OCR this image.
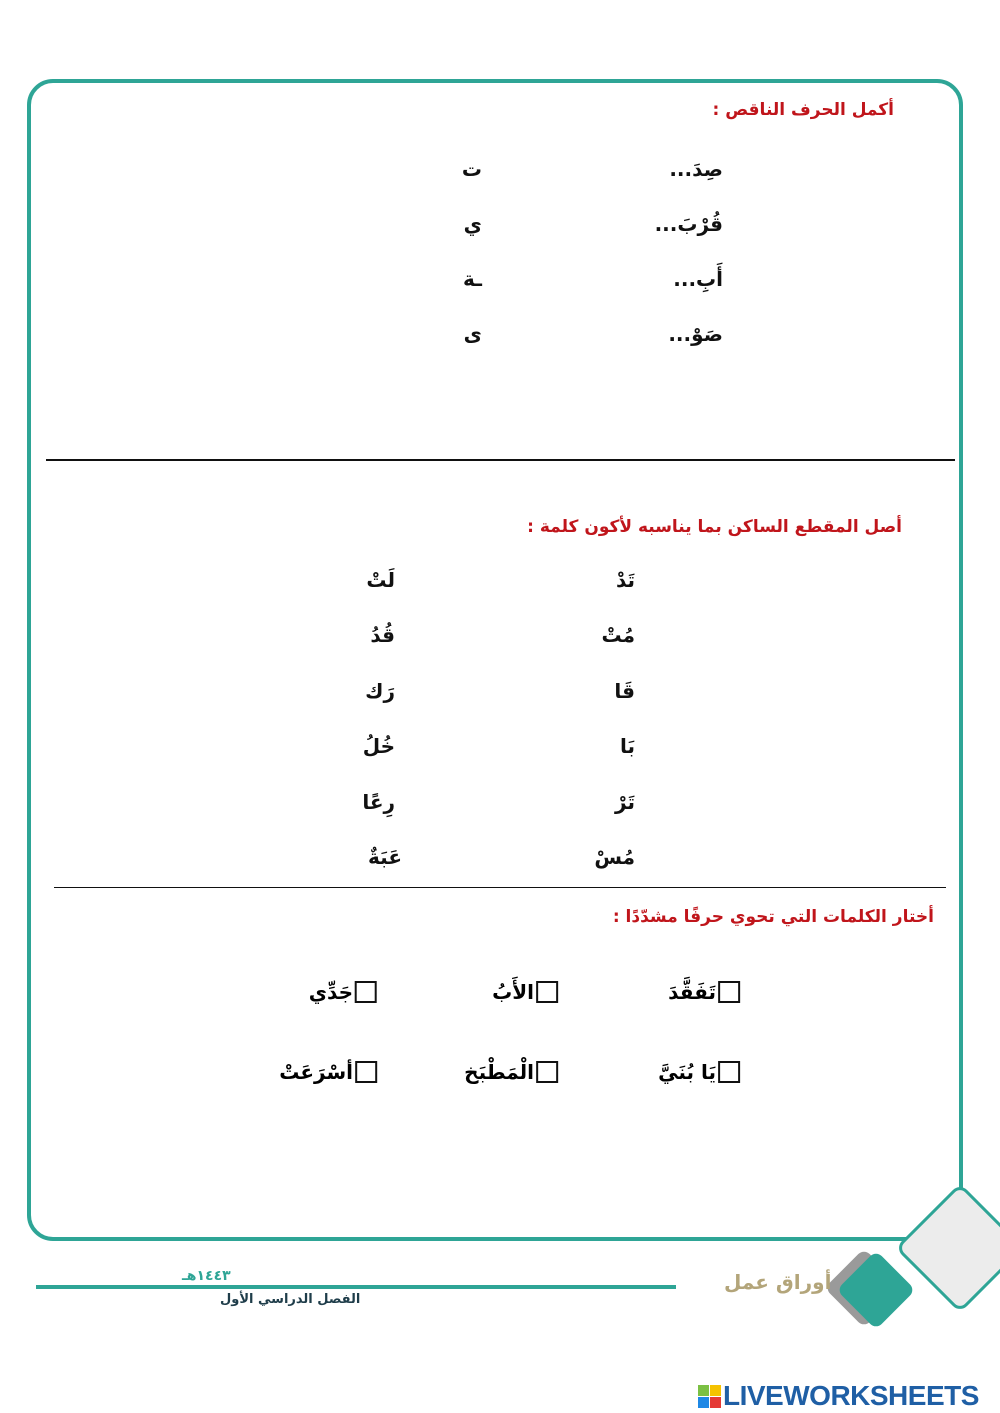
أكمل الحرف الناقص :
صِدَ...
قُرْبَ...
أَبِ...
صَوْ...
ت
ي
ـة
ى
أصل المقطع الساكن بما يناسبه لأكون كلمة :
تَدْ
مُتْ
قَا
بَا
تَرْ
مُسْ
لَتْ
قُدُ
رَك
خُلُ
رِعًا
عَبَةٌ
أختار الكلمات التي تحوي حرفًا مشدّدًا :
تَفَقَّدَ
الأَبُ
جَدِّي
يَا بُنَيَّ
الْمَطْبَخ
أسْرَعَتْ
١٤٤٣هـ
الفصل الدراسي الأول
أوراق عمل
LIVEWORKSHEETS
